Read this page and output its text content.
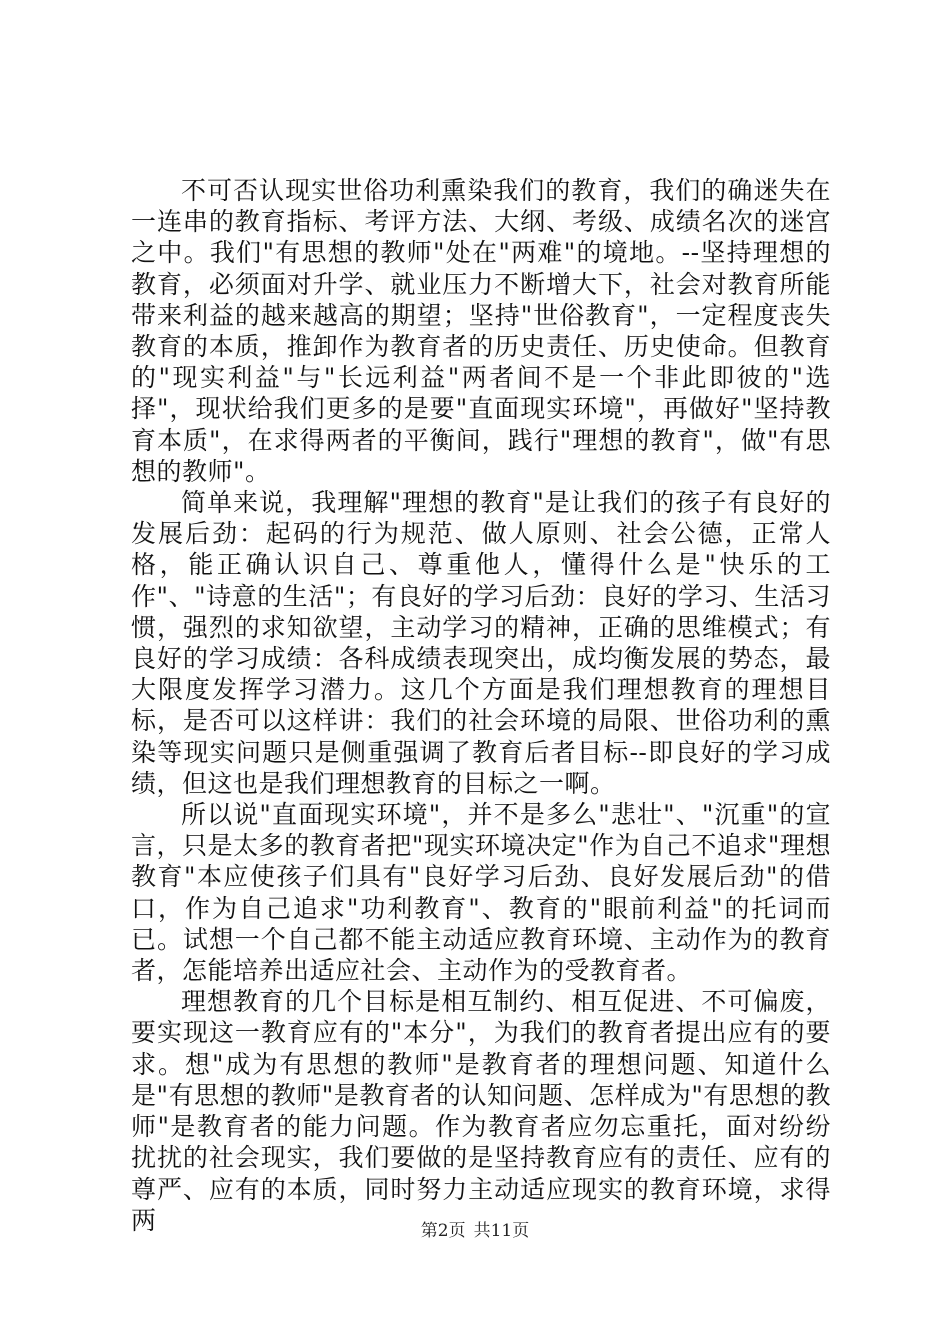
不可否认现实世俗功利熏染我们的教育，我们的确迷失在一连串的教育指标、考评方法、大纲、考级、成绩名次的迷宫之中。我们"有思想的教师"处在"两难"的境地。--坚持理想的教育，必须面对升学、就业压力不断增大下，社会对教育所能带来利益的越来越高的期望；坚持"世俗教育"，一定程度丧失教育的本质，推卸作为教育者的历史责任、历史使命。但教育的"现实利益"与"长远利益"两者间不是一个非此即彼的"选择"，现状给我们更多的是要"直面现实环境"，再做好"坚持教育本质"，在求得两者的平衡间，践行"理想的教育"，做"有思想的教师"。

简单来说，我理解"理想的教育"是让我们的孩子有良好的发展后劲：起码的行为规范、做人原则、社会公德，正常人格，能正确认识自己、尊重他人，懂得什么是"快乐的工作"、"诗意的生活"；有良好的学习后劲：良好的学习、生活习惯，强烈的求知欲望，主动学习的精神，正确的思维模式；有良好的学习成绩：各科成绩表现突出，成均衡发展的势态，最大限度发挥学习潜力。这几个方面是我们理想教育的理想目标，是否可以这样讲：我们的社会环境的局限、世俗功利的熏染等现实问题只是侧重强调了教育后者目标--即良好的学习成绩，但这也是我们理想教育的目标之一啊。

所以说"直面现实环境"，并不是多么"悲壮"、"沉重"的宣言，只是太多的教育者把"现实环境决定"作为自己不追求"理想教育"本应使孩子们具有"良好学习后劲、良好发展后劲"的借口，作为自己追求"功利教育"、教育的"眼前利益"的托词而已。试想一个自己都不能主动适应教育环境、主动作为的教育者，怎能培养出适应社会、主动作为的受教育者。

理想教育的几个目标是相互制约、相互促进、不可偏废，要实现这一教育应有的"本分"，为我们的教育者提出应有的要求。想"成为有思想的教师"是教育者的理想问题、知道什么是"有思想的教师"是教育者的认知问题、怎样成为"有思想的教师"是教育者的能力问题。作为教育者应勿忘重托，面对纷纷扰扰的社会现实，我们要做的是坚持教育应有的责任、应有的尊严、应有的本质，同时努力主动适应现实的教育环境，求得两	第2页 共11页
